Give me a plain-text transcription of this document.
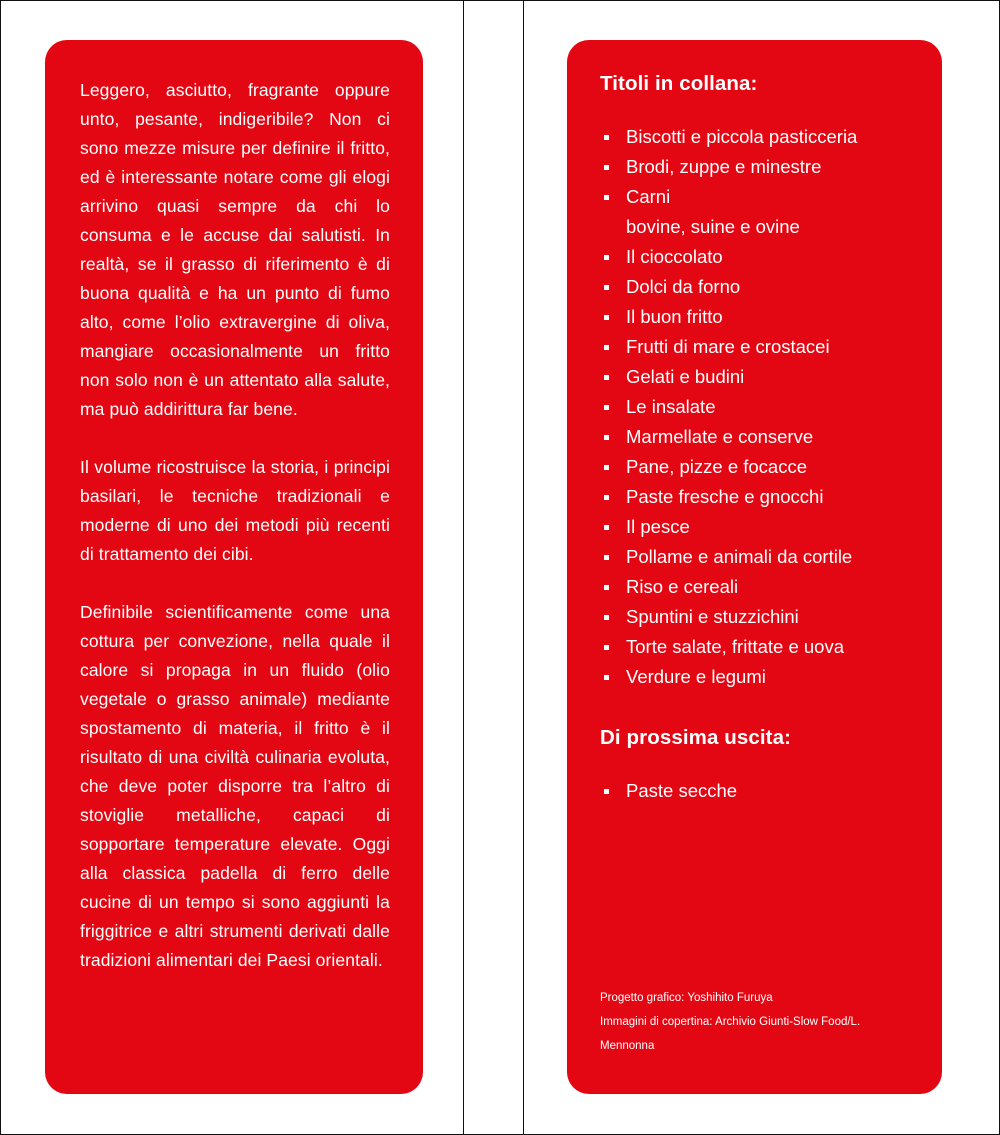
Leggero, asciutto, fragrante oppure unto, pesante, indigeribile? Non ci sono mezze misure per definire il fritto, ed è interessante notare come gli elogi arrivino quasi sempre da chi lo consuma e le accuse dai salutisti. In realtà, se il grasso di riferimento è di buona qualità e ha un punto di fumo alto, come l’olio extravergine di oliva, mangiare occasionalmente un fritto non solo non è un attentato alla salute, ma può addirittura far bene.

Il volume ricostruisce la storia, i principi basilari, le tecniche tradizionali e moderne di uno dei metodi più recenti di trattamento dei cibi.

Definibile scientificamente come una cottura per convezione, nella quale il calore si propaga in un fluido (olio vegetale o grasso animale) mediante spostamento di materia, il fritto è il risultato di una civiltà culinaria evoluta, che deve poter disporre tra l’altro di stoviglie metalliche, capaci di sopportare temperature elevate. Oggi alla classica padella di ferro delle cucine di un tempo si sono aggiunti la friggitrice e altri strumenti derivati dalle tradizioni alimentari dei Paesi orientali.

Titoli in collana:
Biscotti e piccola pasticceria
Brodi, zuppe e minestre
Carni
bovine, suine e ovine
Il cioccolato
Dolci da forno
Il buon fritto
Frutti di mare e crostacei
Gelati e budini
Le insalate
Marmellate e conserve
Pane, pizze e focacce
Paste fresche e gnocchi
Il pesce
Pollame e animali da cortile
Riso e cereali
Spuntini e stuzzichini
Torte salate, frittate e uova
Verdure e legumi
Di prossima uscita:
Paste secche
Progetto grafico: Yoshihito Furuya
Immagini di copertina: Archivio Giunti-Slow Food/L. Mennonna
